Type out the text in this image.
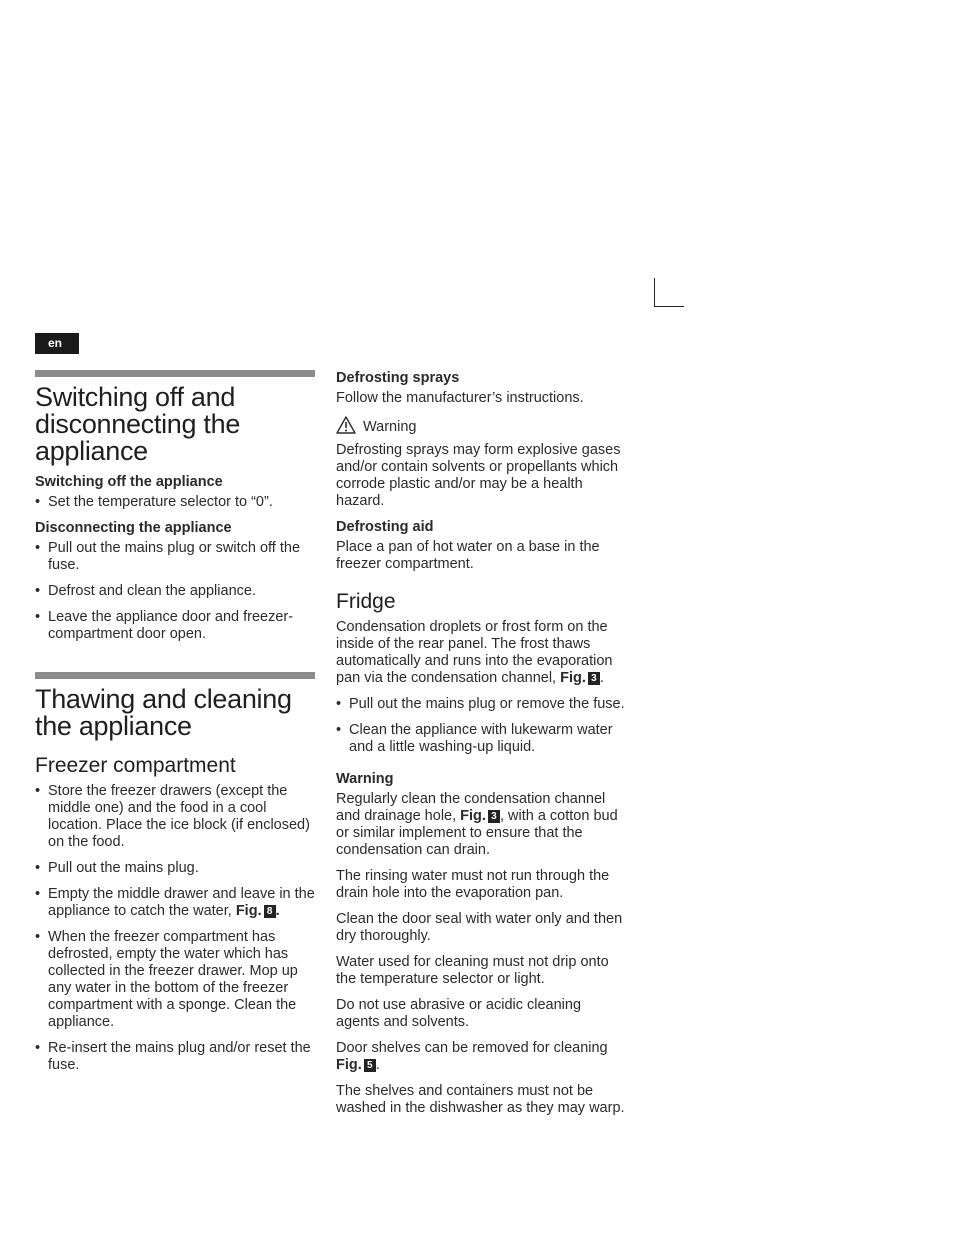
en
Switching off and disconnecting the appliance
Switching off the appliance
• Set the temperature selector to “0”.
Disconnecting the appliance
• Pull out the mains plug or switch off the fuse.
• Defrost and clean the appliance.
• Leave the appliance door and freezer-compartment door open.
Thawing and cleaning the appliance
Freezer compartment
• Store the freezer drawers (except the middle one) and the food in a cool location. Place the ice block (if enclosed) on the food.
• Pull out the mains plug.
• Empty the middle drawer and leave in the appliance to catch the water, Fig. 8 .
• When the freezer compartment has defrosted, empty the water which has collected in the freezer drawer. Mop up any water in the bottom of the freezer compartment with a sponge. Clean the appliance.
• Re-insert the mains plug and/or reset the fuse.
Defrosting sprays

Follow the manufacturer’s instructions.

Warning

Defrosting sprays may form explosive gases and/or contain solvents or propellants which corrode plastic and/or may be a health hazard.

Defrosting aid

Place a pan of hot water on a base in the freezer compartment.

Fridge

Condensation droplets or frost form on the inside of the rear panel. The frost thaws automatically and runs into the evaporation pan via the condensation channel, Fig. 3 .

• Pull out the mains plug or remove the fuse.
• Clean the appliance with lukewarm water and a little washing-up liquid.
Warning

Regularly clean the condensation channel and drainage hole, Fig. 3 , with a cotton bud or similar implement to ensure that the condensation can drain.

The rinsing water must not run through the drain hole into the evaporation pan.

Clean the door seal with water only and then dry thoroughly.

Water used for cleaning must not drip onto the temperature selector or light.

Do not use abrasive or acidic cleaning agents and solvents.

Door shelves can be removed for cleaning Fig. 5 .

The shelves and containers must not be washed in the dishwasher as they may warp.
